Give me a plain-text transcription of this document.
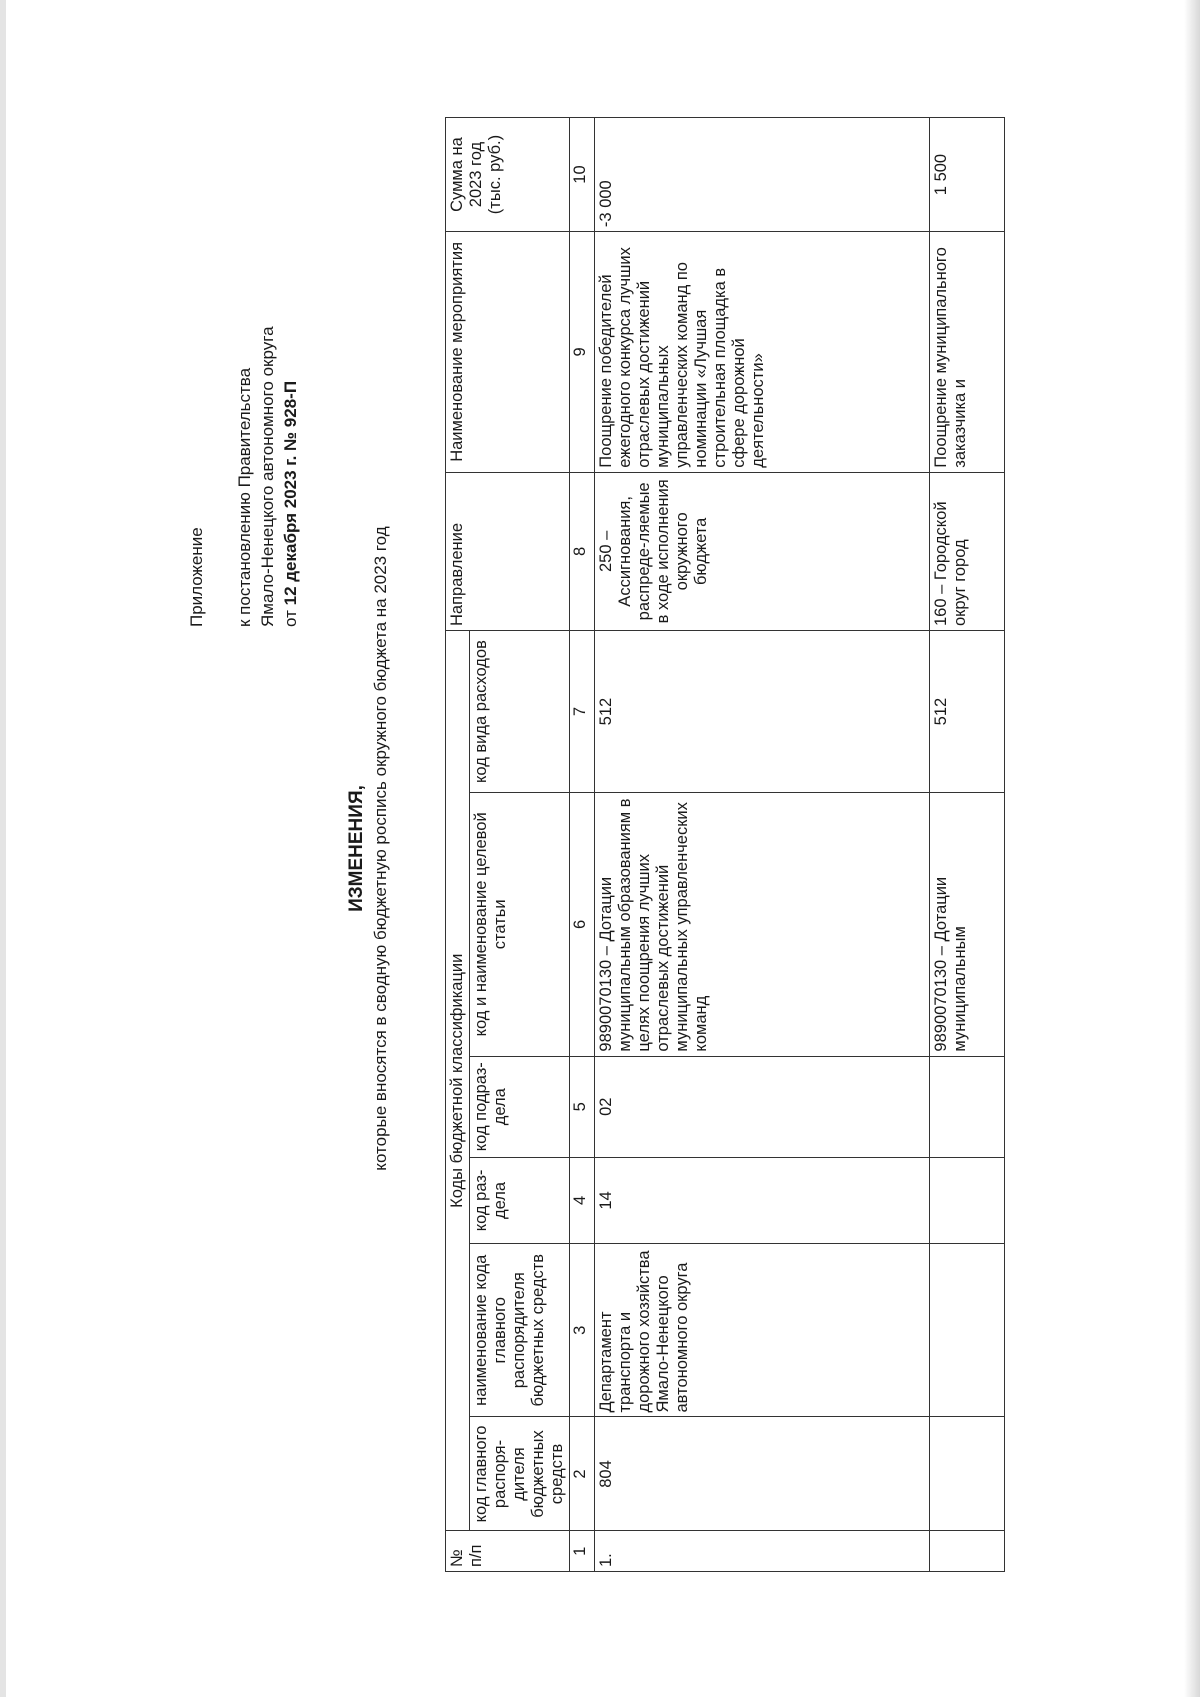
Приложение к постановлению Правительства Ямало-Ненецкого автономного округа от 12 декабря 2023 г. № 928-П
ИЗМЕНЕНИЯ, которые вносятся в сводную бюджетную роспись окружного бюджета на 2023 год
№ п/п	Коды бюджетной классификации						Направление	Наименование мероприятия	Сумма на 2023 год (тыс. руб.)
	код главного распоря-дителя бюджетных средств	наименование кода главного распорядителя бюджетных средств	код раз-дела	код подраз-дела	код и наименование целевой статьи	код вида расходов			
1	2	3	4	5	6	7	8	9	10
1.	804	Департамент транспорта и дорожного хозяйства Ямало-Ненецкого автономного округа	14	02	9890070130 – Дотации муниципальным образованиям в целях поощрения лучших отраслевых достижений муниципальных управленческих команд	512	250 – Ассигнования, распреде-ляемые в ходе исполнения окружного бюджета	Поощрение победителей ежегодного конкурса лучших отраслевых достижений муниципальных управленческих команд по номинации «Лучшая строительная площадка в сфере дорожной деятельности»	-3 000
					9890070130 – Дотации муниципальным	512	160 – Городской округ город	Поощрение муниципального заказчика и	1 500
